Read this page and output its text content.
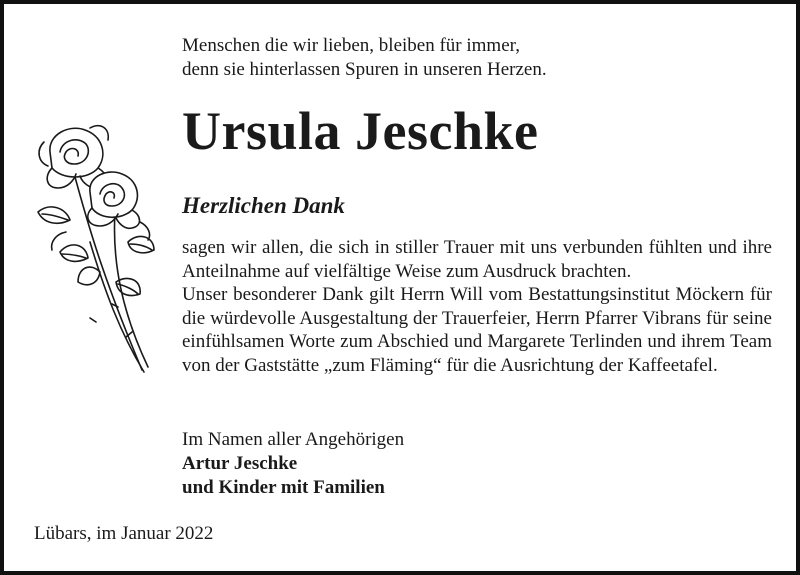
Menschen die wir lieben, bleiben für immer,
denn sie hinterlassen Spuren in unseren Herzen.
Ursula Jeschke
Herzlichen Dank

sagen wir allen, die sich in stiller Trauer mit uns verbunden fühlten und ihre Anteilnahme auf vielfältige Weise zum Ausdruck brachten.

Unser besonderer Dank gilt Herrn Will vom Bestattungsinstitut Möckern für die würdevolle Ausgestaltung der Trauerfeier, Herrn Pfarrer Vibrans für seine einfühlsamen Worte zum Abschied und Margarete Terlinden und ihrem Team von der Gaststätte „zum Fläming“ für die Ausrichtung der Kaffeetafel.

Im Namen aller Angehörigen
Artur Jeschke
und Kinder mit Familien
Lübars, im Januar 2022
